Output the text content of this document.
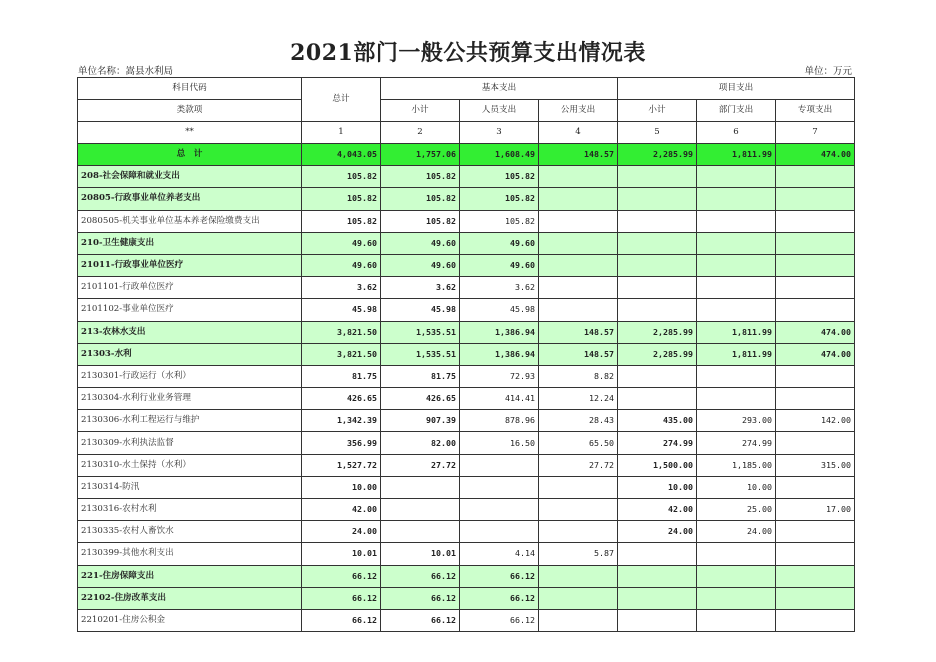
2021部门一般公共预算支出情况表
单位名称：嵩县水利局	单位：万元
科目代码	总计	基本支出			项目支出		
类款项		小计	人员支出	公用支出	小计	部门支出	专项支出
**	1	2	3	4	5	6	7
总　计	4,043.05	1,757.06	1,608.49	148.57	2,285.99	1,811.99	474.00
208-社会保障和就业支出	105.82	105.82	105.82				
20805-行政事业单位养老支出	105.82	105.82	105.82				
2080505-机关事业单位基本养老保险缴费支出	105.82	105.82	105.82				
210-卫生健康支出	49.60	49.60	49.60				
21011-行政事业单位医疗	49.60	49.60	49.60				
2101101-行政单位医疗	3.62	3.62	3.62				
2101102-事业单位医疗	45.98	45.98	45.98				
213-农林水支出	3,821.50	1,535.51	1,386.94	148.57	2,285.99	1,811.99	474.00
21303-水利	3,821.50	1,535.51	1,386.94	148.57	2,285.99	1,811.99	474.00
2130301-行政运行（水利）	81.75	81.75	72.93	8.82			
2130304-水利行业业务管理	426.65	426.65	414.41	12.24			
2130306-水利工程运行与维护	1,342.39	907.39	878.96	28.43	435.00	293.00	142.00
2130309-水利执法监督	356.99	82.00	16.50	65.50	274.99	274.99	
2130310-水土保持（水利）	1,527.72	27.72		27.72	1,500.00	1,185.00	315.00
2130314-防汛	10.00				10.00	10.00	
2130316-农村水利	42.00				42.00	25.00	17.00
2130335-农村人畜饮水	24.00				24.00	24.00	
2130399-其他水利支出	10.01	10.01	4.14	5.87			
221-住房保障支出	66.12	66.12	66.12				
22102-住房改革支出	66.12	66.12	66.12				
2210201-住房公积金	66.12	66.12	66.12				
